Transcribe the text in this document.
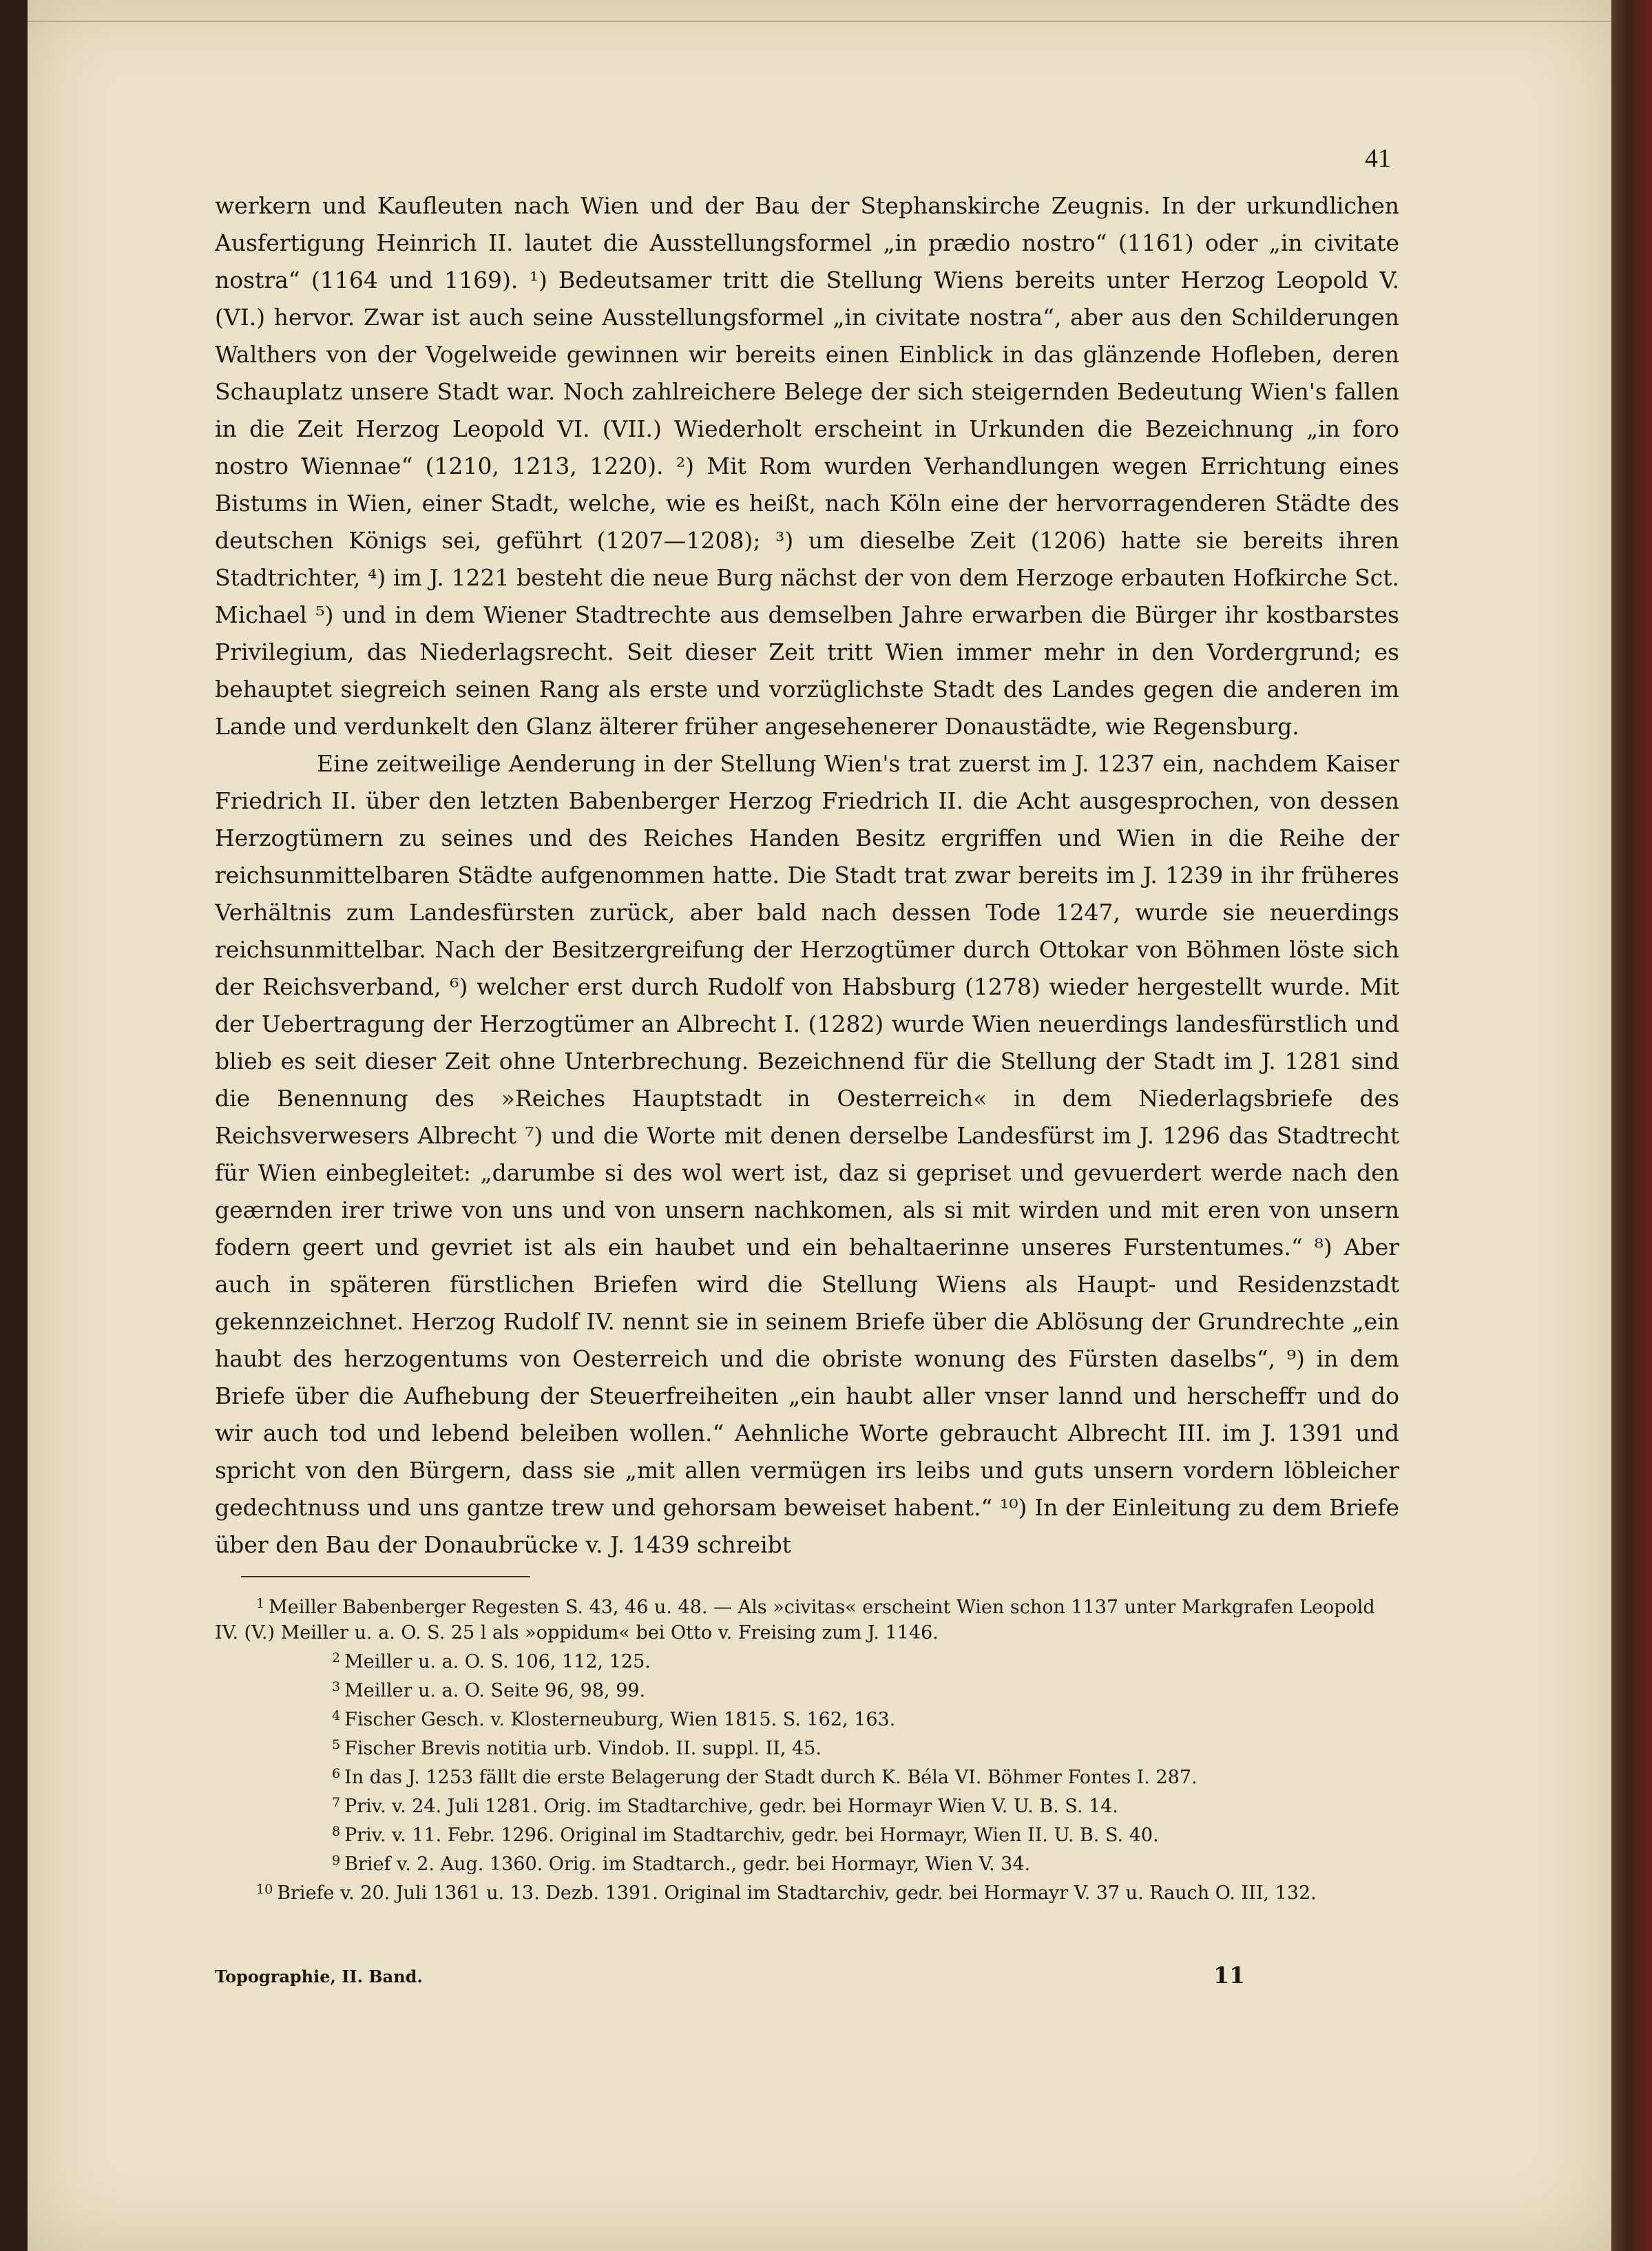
41

werkern und Kaufleuten nach Wien und der Bau der Stephanskirche Zeugnis. In der urkundlichen Ausfertigung Heinrich II. lautet die Ausstellungsformel „in prædio nostro“ (1161) oder „in civitate nostra“ (1164 und 1169). ¹) Bedeutsamer tritt die Stellung Wiens bereits unter Herzog Leopold V. (VI.) hervor. Zwar ist auch seine Ausstellungsformel „in civitate nostra“, aber aus den Schilderungen Walthers von der Vogelweide gewinnen wir bereits einen Einblick in das glänzende Hofleben, deren Schauplatz unsere Stadt war. Noch zahlreichere Belege der sich steigernden Bedeutung Wien's fallen in die Zeit Herzog Leopold VI. (VII.) Wiederholt erscheint in Urkunden die Bezeichnung „in foro nostro Wiennae“ (1210, 1213, 1220). ²) Mit Rom wurden Verhandlungen wegen Errichtung eines Bistums in Wien, einer Stadt, welche, wie es heißt, nach Köln eine der hervorragenderen Städte des deutschen Königs sei, geführt (1207—1208); ³) um dieselbe Zeit (1206) hatte sie bereits ihren Stadtrichter, ⁴) im J. 1221 besteht die neue Burg nächst der von dem Herzoge erbauten Hofkirche Sct. Michael ⁵) und in dem Wiener Stadtrechte aus demselben Jahre erwarben die Bürger ihr kostbarstes Privilegium, das Niederlagsrecht. Seit dieser Zeit tritt Wien immer mehr in den Vordergrund; es behauptet siegreich seinen Rang als erste und vorzüglichste Stadt des Landes gegen die anderen im Lande und verdunkelt den Glanz älterer früher angesehenerer Donaustädte, wie Regensburg.

Eine zeitweilige Aenderung in der Stellung Wien's trat zuerst im J. 1237 ein, nachdem Kaiser Friedrich II. über den letzten Babenberger Herzog Friedrich II. die Acht ausgesprochen, von dessen Herzogtümern zu seines und des Reiches Handen Besitz ergriffen und Wien in die Reihe der reichsunmittelbaren Städte aufgenommen hatte. Die Stadt trat zwar bereits im J. 1239 in ihr früheres Verhältnis zum Landesfürsten zurück, aber bald nach dessen Tode 1247, wurde sie neuerdings reichsunmittelbar. Nach der Besitzergreifung der Herzogtümer durch Ottokar von Böhmen löste sich der Reichsverband, ⁶) welcher erst durch Rudolf von Habsburg (1278) wieder hergestellt wurde. Mit der Uebertragung der Herzogtümer an Albrecht I. (1282) wurde Wien neuerdings landesfürstlich und blieb es seit dieser Zeit ohne Unterbrechung. Bezeichnend für die Stellung der Stadt im J. 1281 sind die Benennung des »Reiches Hauptstadt in Oesterreich« in dem Niederlagsbriefe des Reichsverwesers Albrecht ⁷) und die Worte mit denen derselbe Landesfürst im J. 1296 das Stadtrecht für Wien einbegleitet: „darumbe si des wol wert ist, daz si gepriset und gevuerdert werde nach den geærnden irer triwe von uns und von unsern nachkomen, als si mit wirden und mit eren von unsern fodern geert und gevriet ist als ein haubet und ein behaltaerinne unseres Furstentumes.“ ⁸) Aber auch in späteren fürstlichen Briefen wird die Stellung Wiens als Haupt- und Residenzstadt gekennzeichnet. Herzog Rudolf IV. nennt sie in seinem Briefe über die Ablösung der Grundrechte „ein haubt des herzogentums von Oesterreich und die obriste wonung des Fürsten daselbs“, ⁹) in dem Briefe über die Aufhebung der Steuerfreiheiten „ein haubt aller vnser lannd und herscheffт und do wir auch tod und lebend beleiben wollen.“ Aehnliche Worte gebraucht Albrecht III. im J. 1391 und spricht von den Bürgern, dass sie „mit allen vermügen irs leibs und guts unsern vordern löbleicher gedechtnuss und uns gantze trew und gehorsam beweiset habent.“ ¹⁰) In der Einleitung zu dem Briefe über den Bau der Donaubrücke v. J. 1439 schreibt

$^1$ Meiller Babenberger Regesten S. 43, 46 u. 48. — Als »civitas« erscheint Wien schon 1137 unter Markgrafen Leopold IV. (V.) Meiller u. a. O. S. 25 l als »oppidum« bei Otto v. Freising zum J. 1146.
$^2$ Meiller u. a. O. S. 106, 112, 125.
$^3$ Meiller u. a. O. Seite 96, 98, 99.
$^4$ Fischer Gesch. v. Klosterneuburg, Wien 1815. S. 162, 163.
$^5$ Fischer Brevis notitia urb. Vindob. II. suppl. II, 45.
$^6$ In das J. 1253 fällt die erste Belagerung der Stadt durch K. Béla VI. Böhmer Fontes I. 287.
$^7$ Priv. v. 24. Juli 1281. Orig. im Stadtarchive, gedr. bei Hormayr Wien V. U. B. S. 14.
$^8$ Priv. v. 11. Febr. 1296. Original im Stadtarchiv, gedr. bei Hormayr, Wien II. U. B. S. 40.
$^9$ Brief v. 2. Aug. 1360. Orig. im Stadtarch., gedr. bei Hormayr, Wien V. 34.
$^{10}$ Briefe v. 20. Juli 1361 u. 13. Dezb. 1391. Original im Stadtarchiv, gedr. bei Hormayr V. 37 u. Rauch O. III, 132.
Topographie, II. Band.	11
